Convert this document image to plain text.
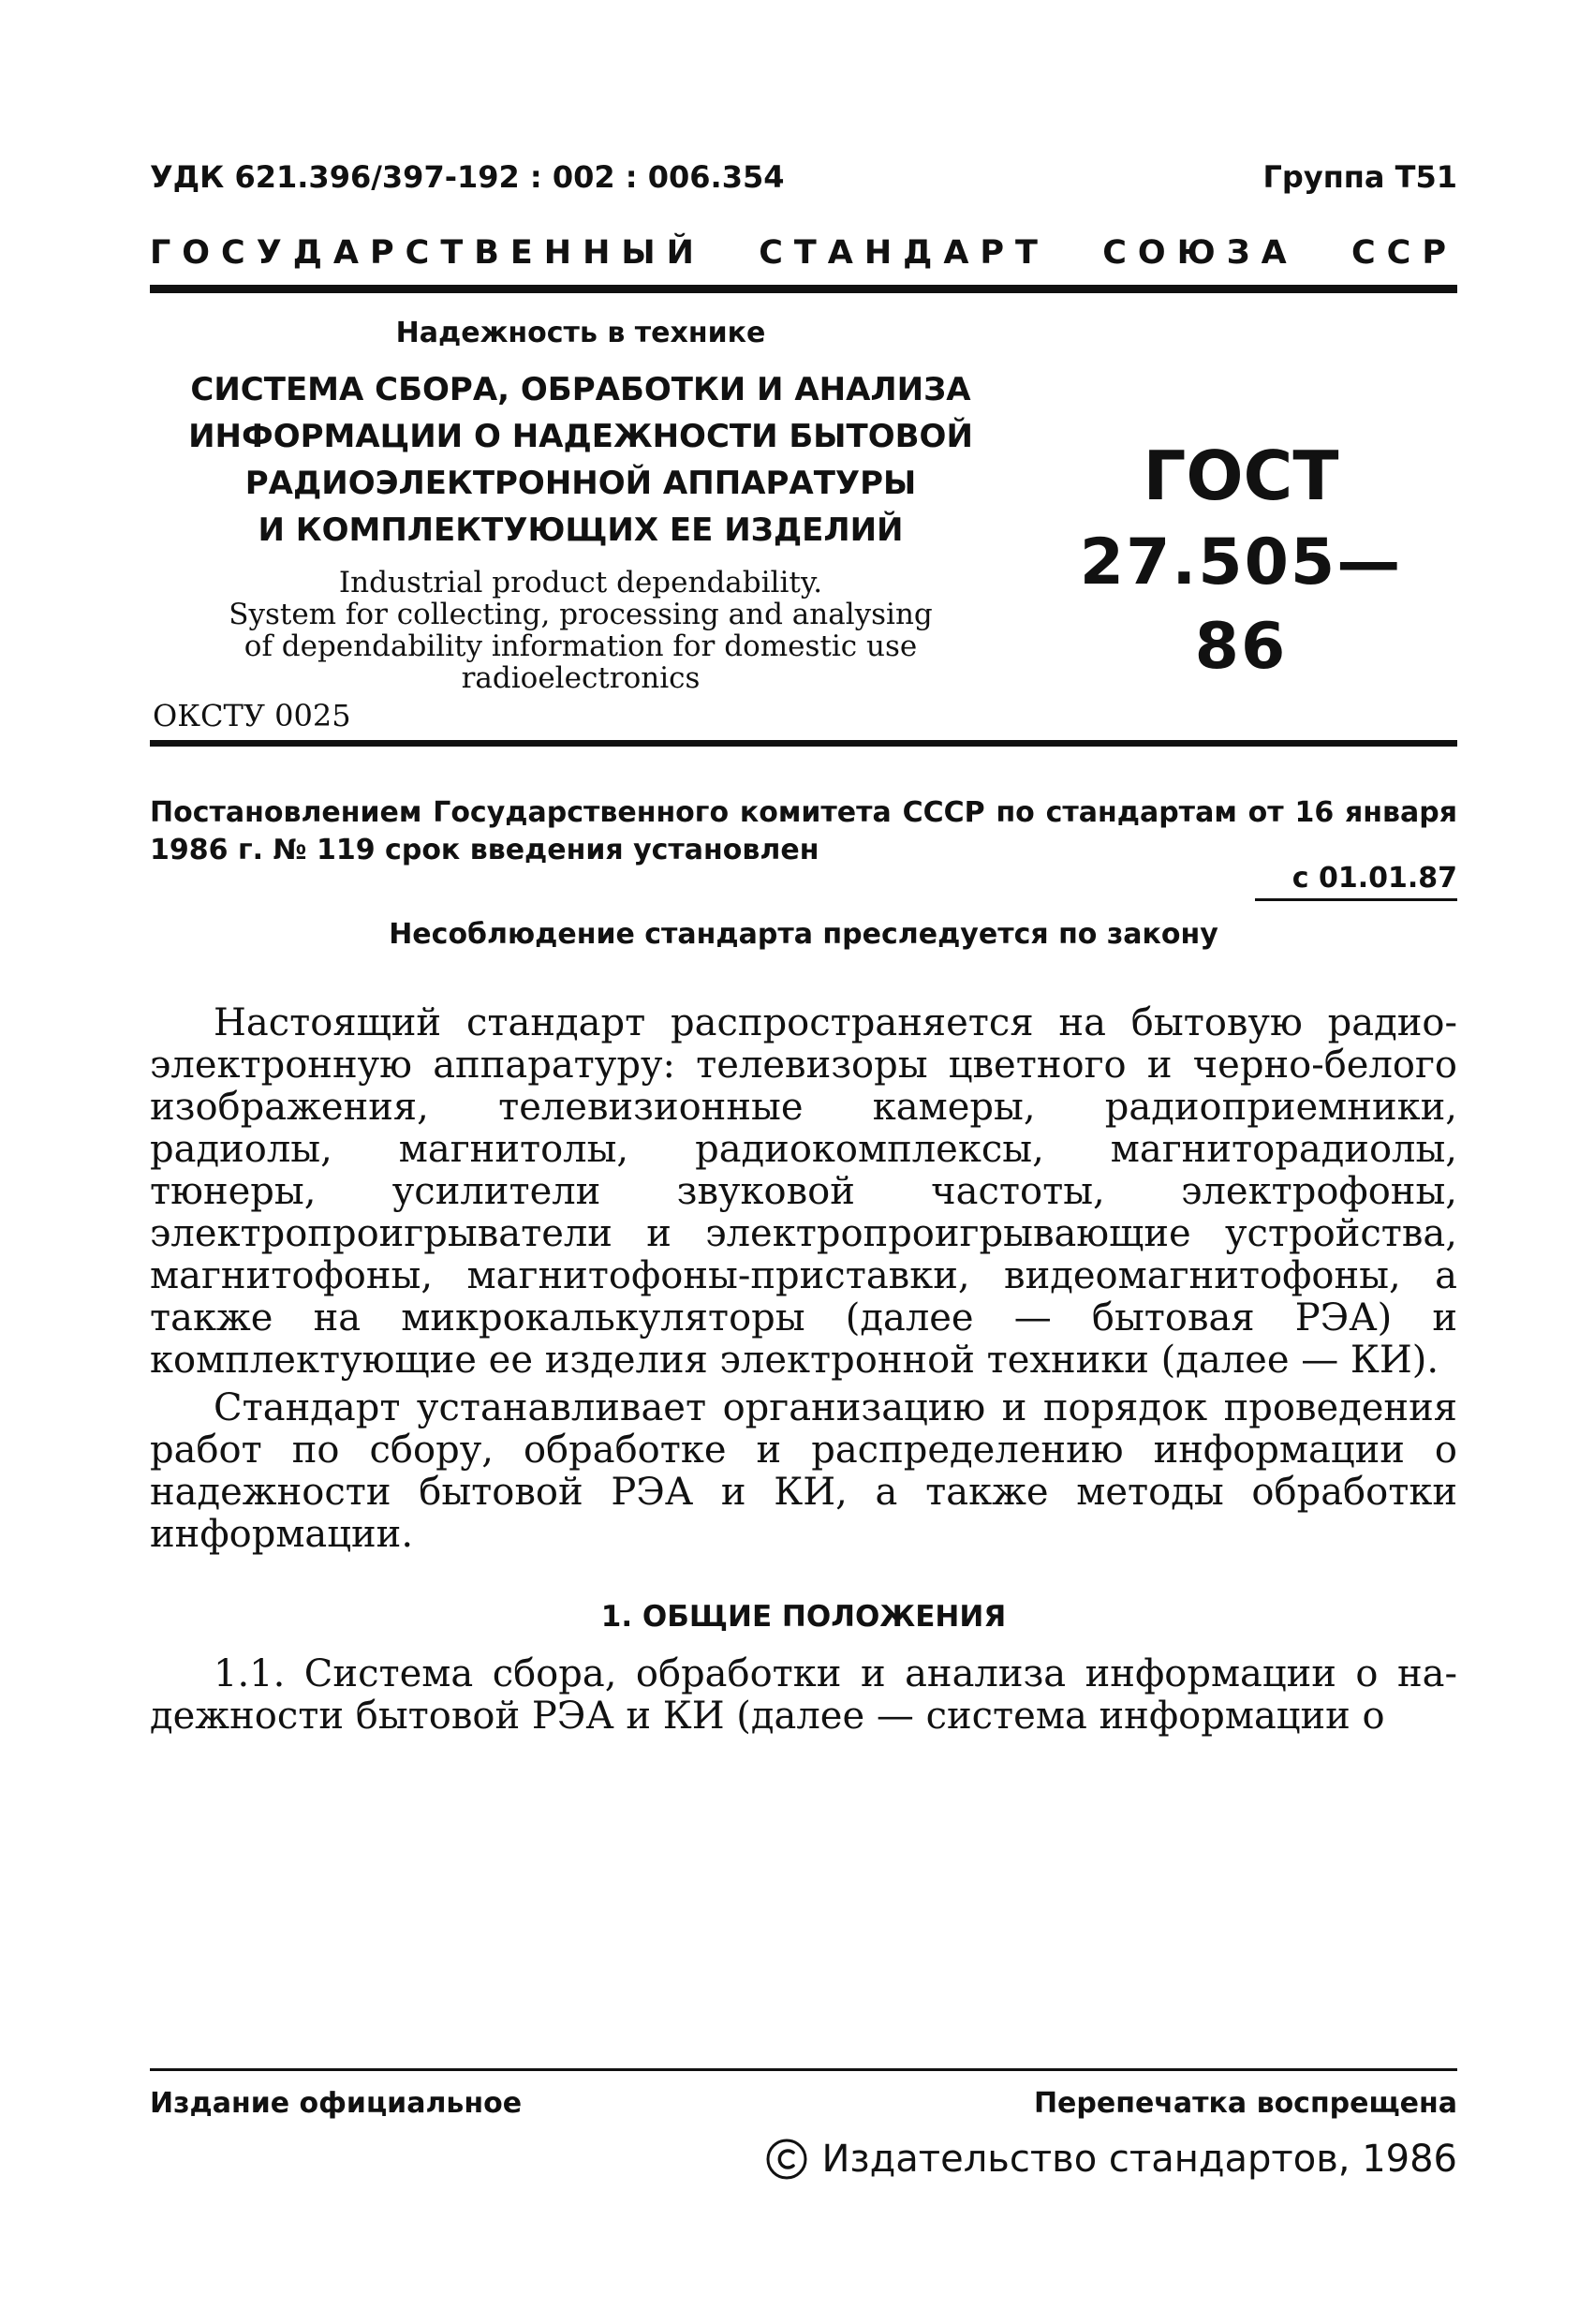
УДК 621.396/397-192 : 002 : 006.354	Группа Т51
ГОСУДАРСТВЕННЫЙ СТАНДАРТ СОЮЗА ССР
Надежность в технике
СИСТЕМА СБОРА, ОБРАБОТКИ И АНАЛИЗА
ИНФОРМАЦИИ О НАДЕЖНОСТИ БЫТОВОЙ
РАДИОЭЛЕКТРОННОЙ АППАРАТУРЫ
И КОМПЛЕКТУЮЩИХ ЕЕ ИЗДЕЛИЙ
Industrial product dependability.
System for collecting, processing and analysing
of dependability information for domestic use
radioelectronics
ГОСТ
27.505—86
ОКСТУ 0025
Постановлением Государственного комитета СССР по стандартам от 16 января 1986 г. № 119 срок введения установлен
с 01.01.87
Несоблюдение стандарта преследуется по закону

Настоящий стандарт распространяется на бытовую радиоэлектронную аппаратуру: телевизоры цветного и черно-белого изображения, телевизионные камеры, радиоприемники, радиолы, магнитолы, радиокомплексы, магниторадиолы, тюнеры, усилители звуковой частоты, электрофоны, электропроигрыватели и электропроигрывающие устройства, магнитофоны, магнитофоны-приставки, видеомагнитофоны, а также на микрокалькуляторы (далее — бытовая РЭА) и комплектующие ее изделия электронной техники (далее — КИ).

Стандарт устанавливает организацию и порядок проведения работ по сбору, обработке и распределению информации о надежности бытовой РЭА и КИ, а также методы обработки информации.

1. ОБЩИЕ ПОЛОЖЕНИЯ

1.1. Система сбора, обработки и анализа информации о надежности бытовой РЭА и КИ (далее — система информации о

Издание официальное	Перепечатка воспрещена
Издательство стандартов, 1986
